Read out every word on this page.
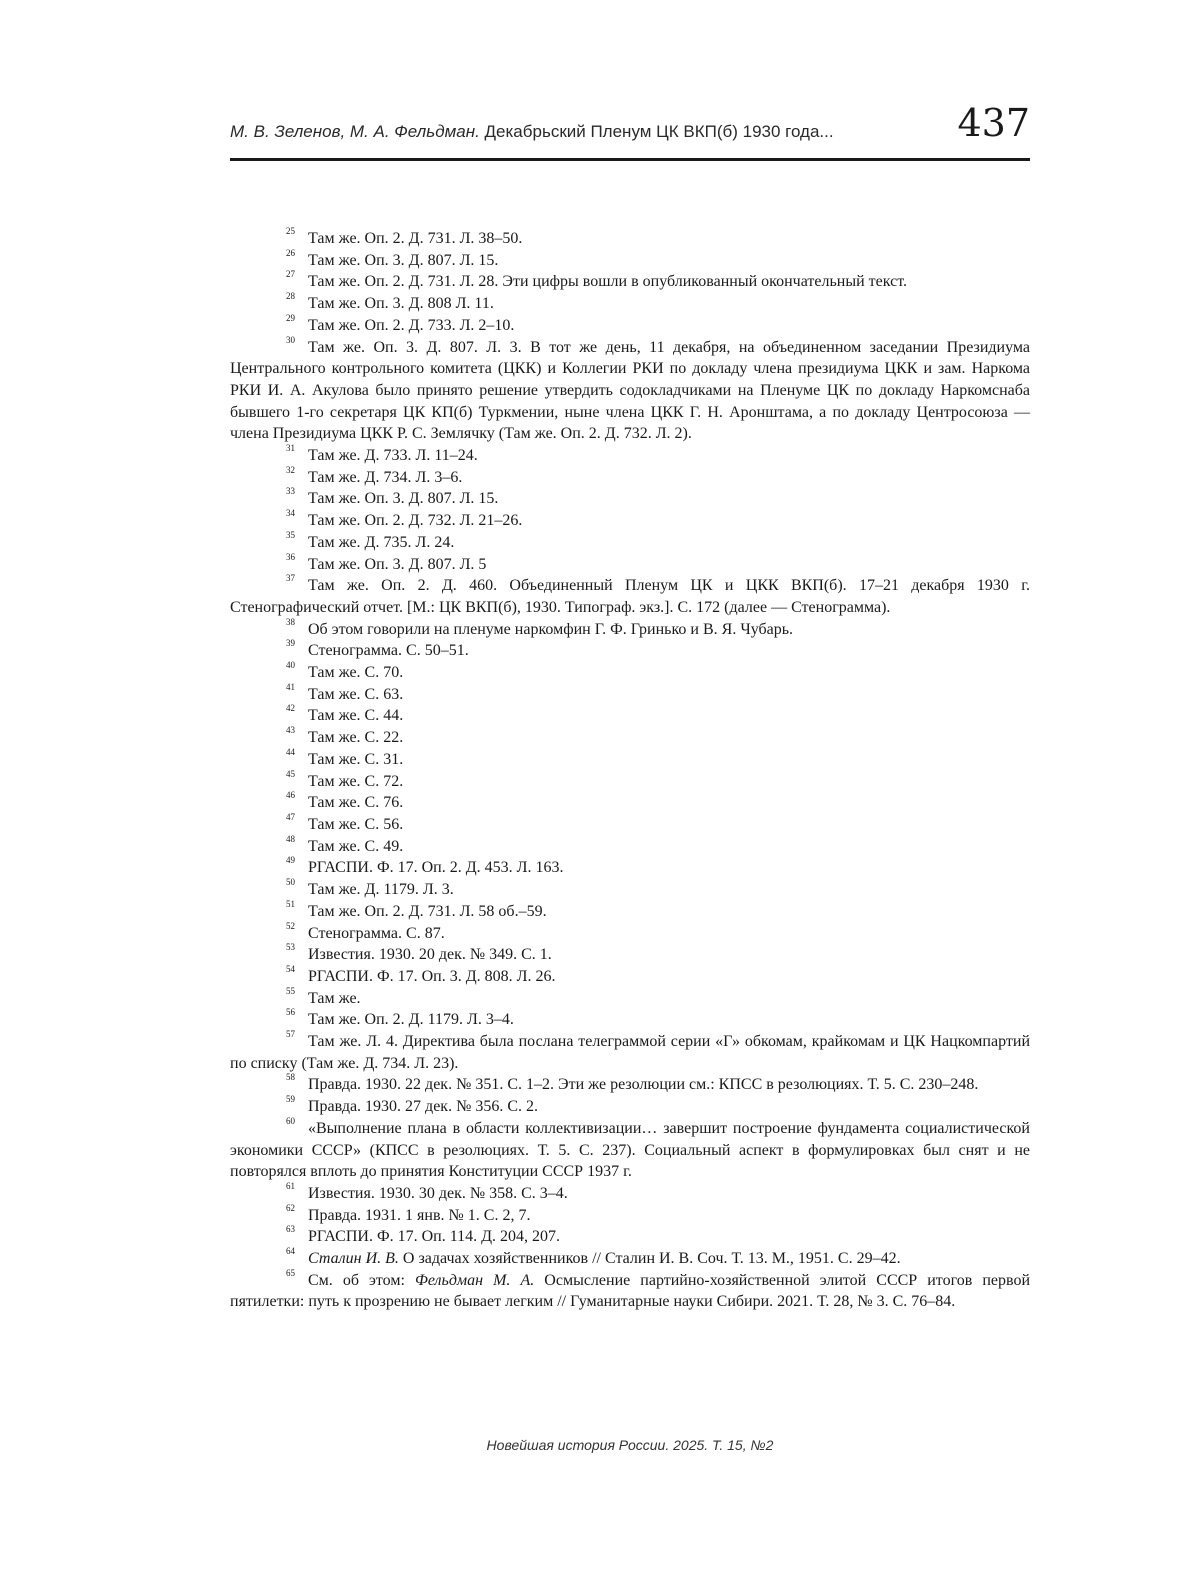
М. В. Зеленов, М. А. Фельдман. Декабрьский Пленум ЦК ВКП(б) 1930 года...	437

25 Там же. Оп. 2. Д. 731. Л. 38–50.

26 Там же. Оп. 3. Д. 807. Л. 15.

27 Там же. Оп. 2. Д. 731. Л. 28. Эти цифры вошли в опубликованный окончательный текст.

28 Там же. Оп. 3. Д. 808 Л. 11.

29 Там же. Оп. 2. Д. 733. Л. 2–10.

30 Там же. Оп. 3. Д. 807. Л. 3. В тот же день, 11 декабря, на объединенном заседании Президиума Центрального контрольного комитета (ЦКК) и Коллегии РКИ по докладу члена президиума ЦКК и зам. Наркома РКИ И. А. Акулова было принято решение утвердить содокладчиками на Пленуме ЦК по докладу Наркомснаба бывшего 1-го секретаря ЦК КП(б) Туркмении, ныне члена ЦКК Г. Н. Аронштама, а по докладу Центросоюза — члена Президиума ЦКК Р. С. Землячку (Там же. Оп. 2. Д. 732. Л. 2).

31 Там же. Д. 733. Л. 11–24.

32 Там же. Д. 734. Л. 3–6.

33 Там же. Оп. 3. Д. 807. Л. 15.

34 Там же. Оп. 2. Д. 732. Л. 21–26.

35 Там же. Д. 735. Л. 24.

36 Там же. Оп. 3. Д. 807. Л. 5

37 Там же. Оп. 2. Д. 460. Объединенный Пленум ЦК и ЦКК ВКП(б). 17–21 декабря 1930 г. Стенографический отчет. [М.: ЦК ВКП(б), 1930. Типограф. экз.]. С. 172 (далее — Стенограмма).

38 Об этом говорили на пленуме наркомфин Г. Ф. Гринько и В. Я. Чубарь.

39 Стенограмма. С. 50–51.

40 Там же. С. 70.

41 Там же. С. 63.

42 Там же. С. 44.

43 Там же. С. 22.

44 Там же. С. 31.

45 Там же. С. 72.

46 Там же. С. 76.

47 Там же. С. 56.

48 Там же. С. 49.

49 РГАСПИ. Ф. 17. Оп. 2. Д. 453. Л. 163.

50 Там же. Д. 1179. Л. 3.

51 Там же. Оп. 2. Д. 731. Л. 58 об.–59.

52 Стенограмма. С. 87.

53 Известия. 1930. 20 дек. № 349. С. 1.

54 РГАСПИ. Ф. 17. Оп. 3. Д. 808. Л. 26.

55 Там же.

56 Там же. Оп. 2. Д. 1179. Л. 3–4.

57 Там же. Л. 4. Директива была послана телеграммой серии «Г» обкомам, крайкомам и ЦК Нацкомпартий по списку (Там же. Д. 734. Л. 23).

58 Правда. 1930. 22 дек. № 351. С. 1–2. Эти же резолюции см.: КПСС в резолюциях. Т. 5. С. 230–248.

59 Правда. 1930. 27 дек. № 356. С. 2.

60 «Выполнение плана в области коллективизации… завершит построение фундамента социалистической экономики СССР» (КПСС в резолюциях. Т. 5. С. 237). Социальный аспект в формулировках был снят и не повторялся вплоть до принятия Конституции СССР 1937 г.

61 Известия. 1930. 30 дек. № 358. С. 3–4.

62 Правда. 1931. 1 янв. № 1. С. 2, 7.

63 РГАСПИ. Ф. 17. Оп. 114. Д. 204, 207.

64 Сталин И. В. О задачах хозяйственников // Сталин И. В. Соч. Т. 13. М., 1951. С. 29–42.

65 См. об этом: Фельдман М. А. Осмысление партийно-хозяйственной элитой СССР итогов первой пятилетки: путь к прозрению не бывает легким // Гуманитарные науки Сибири. 2021. Т. 28, № 3. С. 76–84.

Новейшая история России. 2025. Т. 15, №2
